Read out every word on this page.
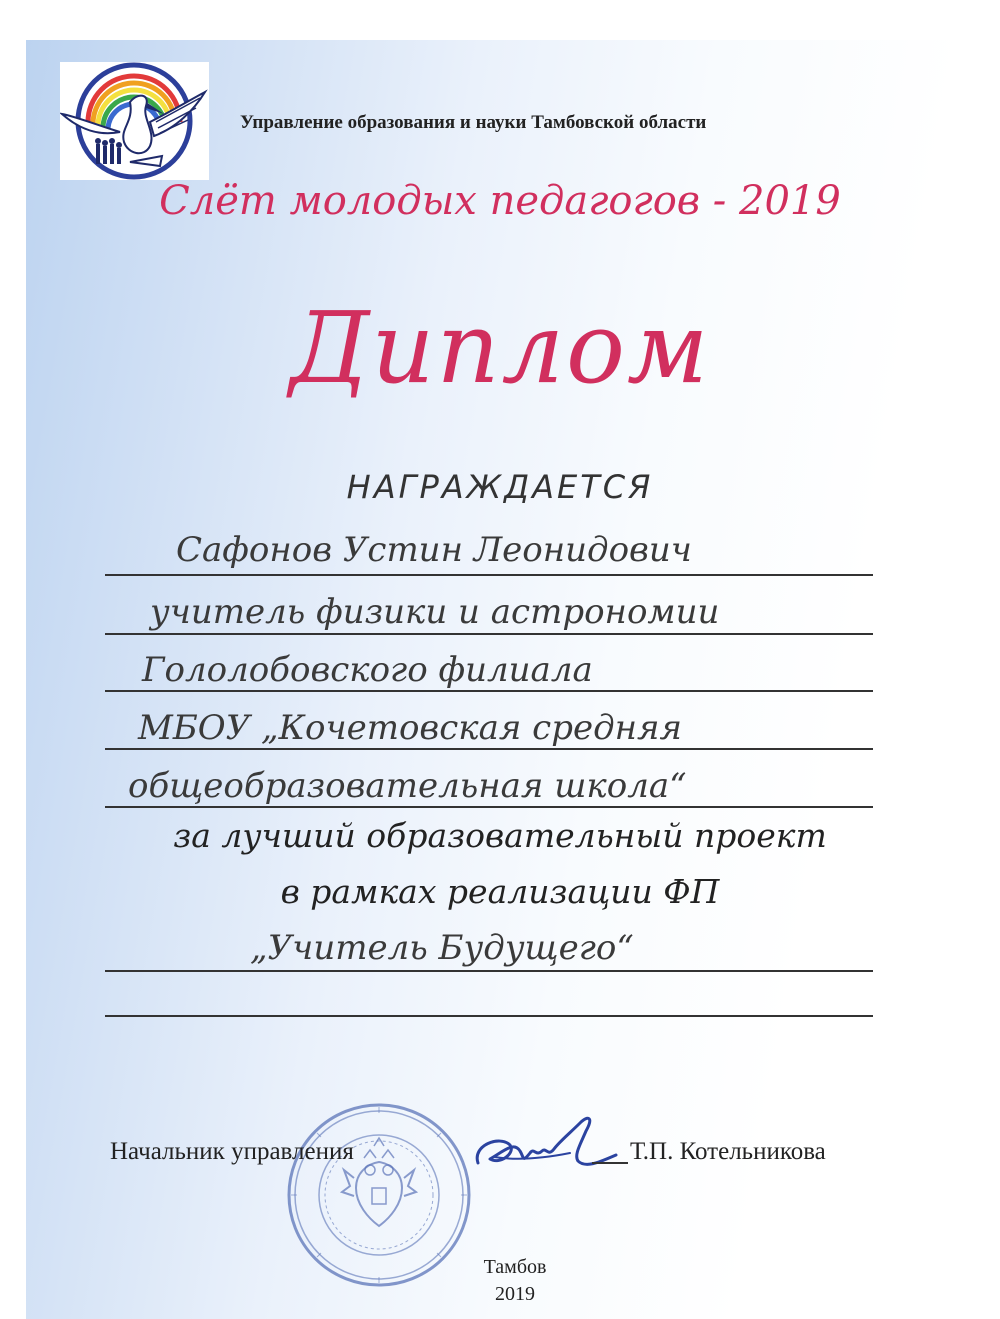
Управление образования и науки Тамбовской области
Слёт молодых педагогов - 2019
Диплом
НАГРАЖДАЕТСЯ
Сафонов Устин Леонидович
учитель физики и астрономии
Гололобовского филиала
МБОУ „Кочетовская средняя
общеобразовательная школа“
за лучший образовательный проект
в рамках реализации ФП
„Учитель Будущего“
Начальник управления	Т.П. Котельникова
Тамбов
2019
